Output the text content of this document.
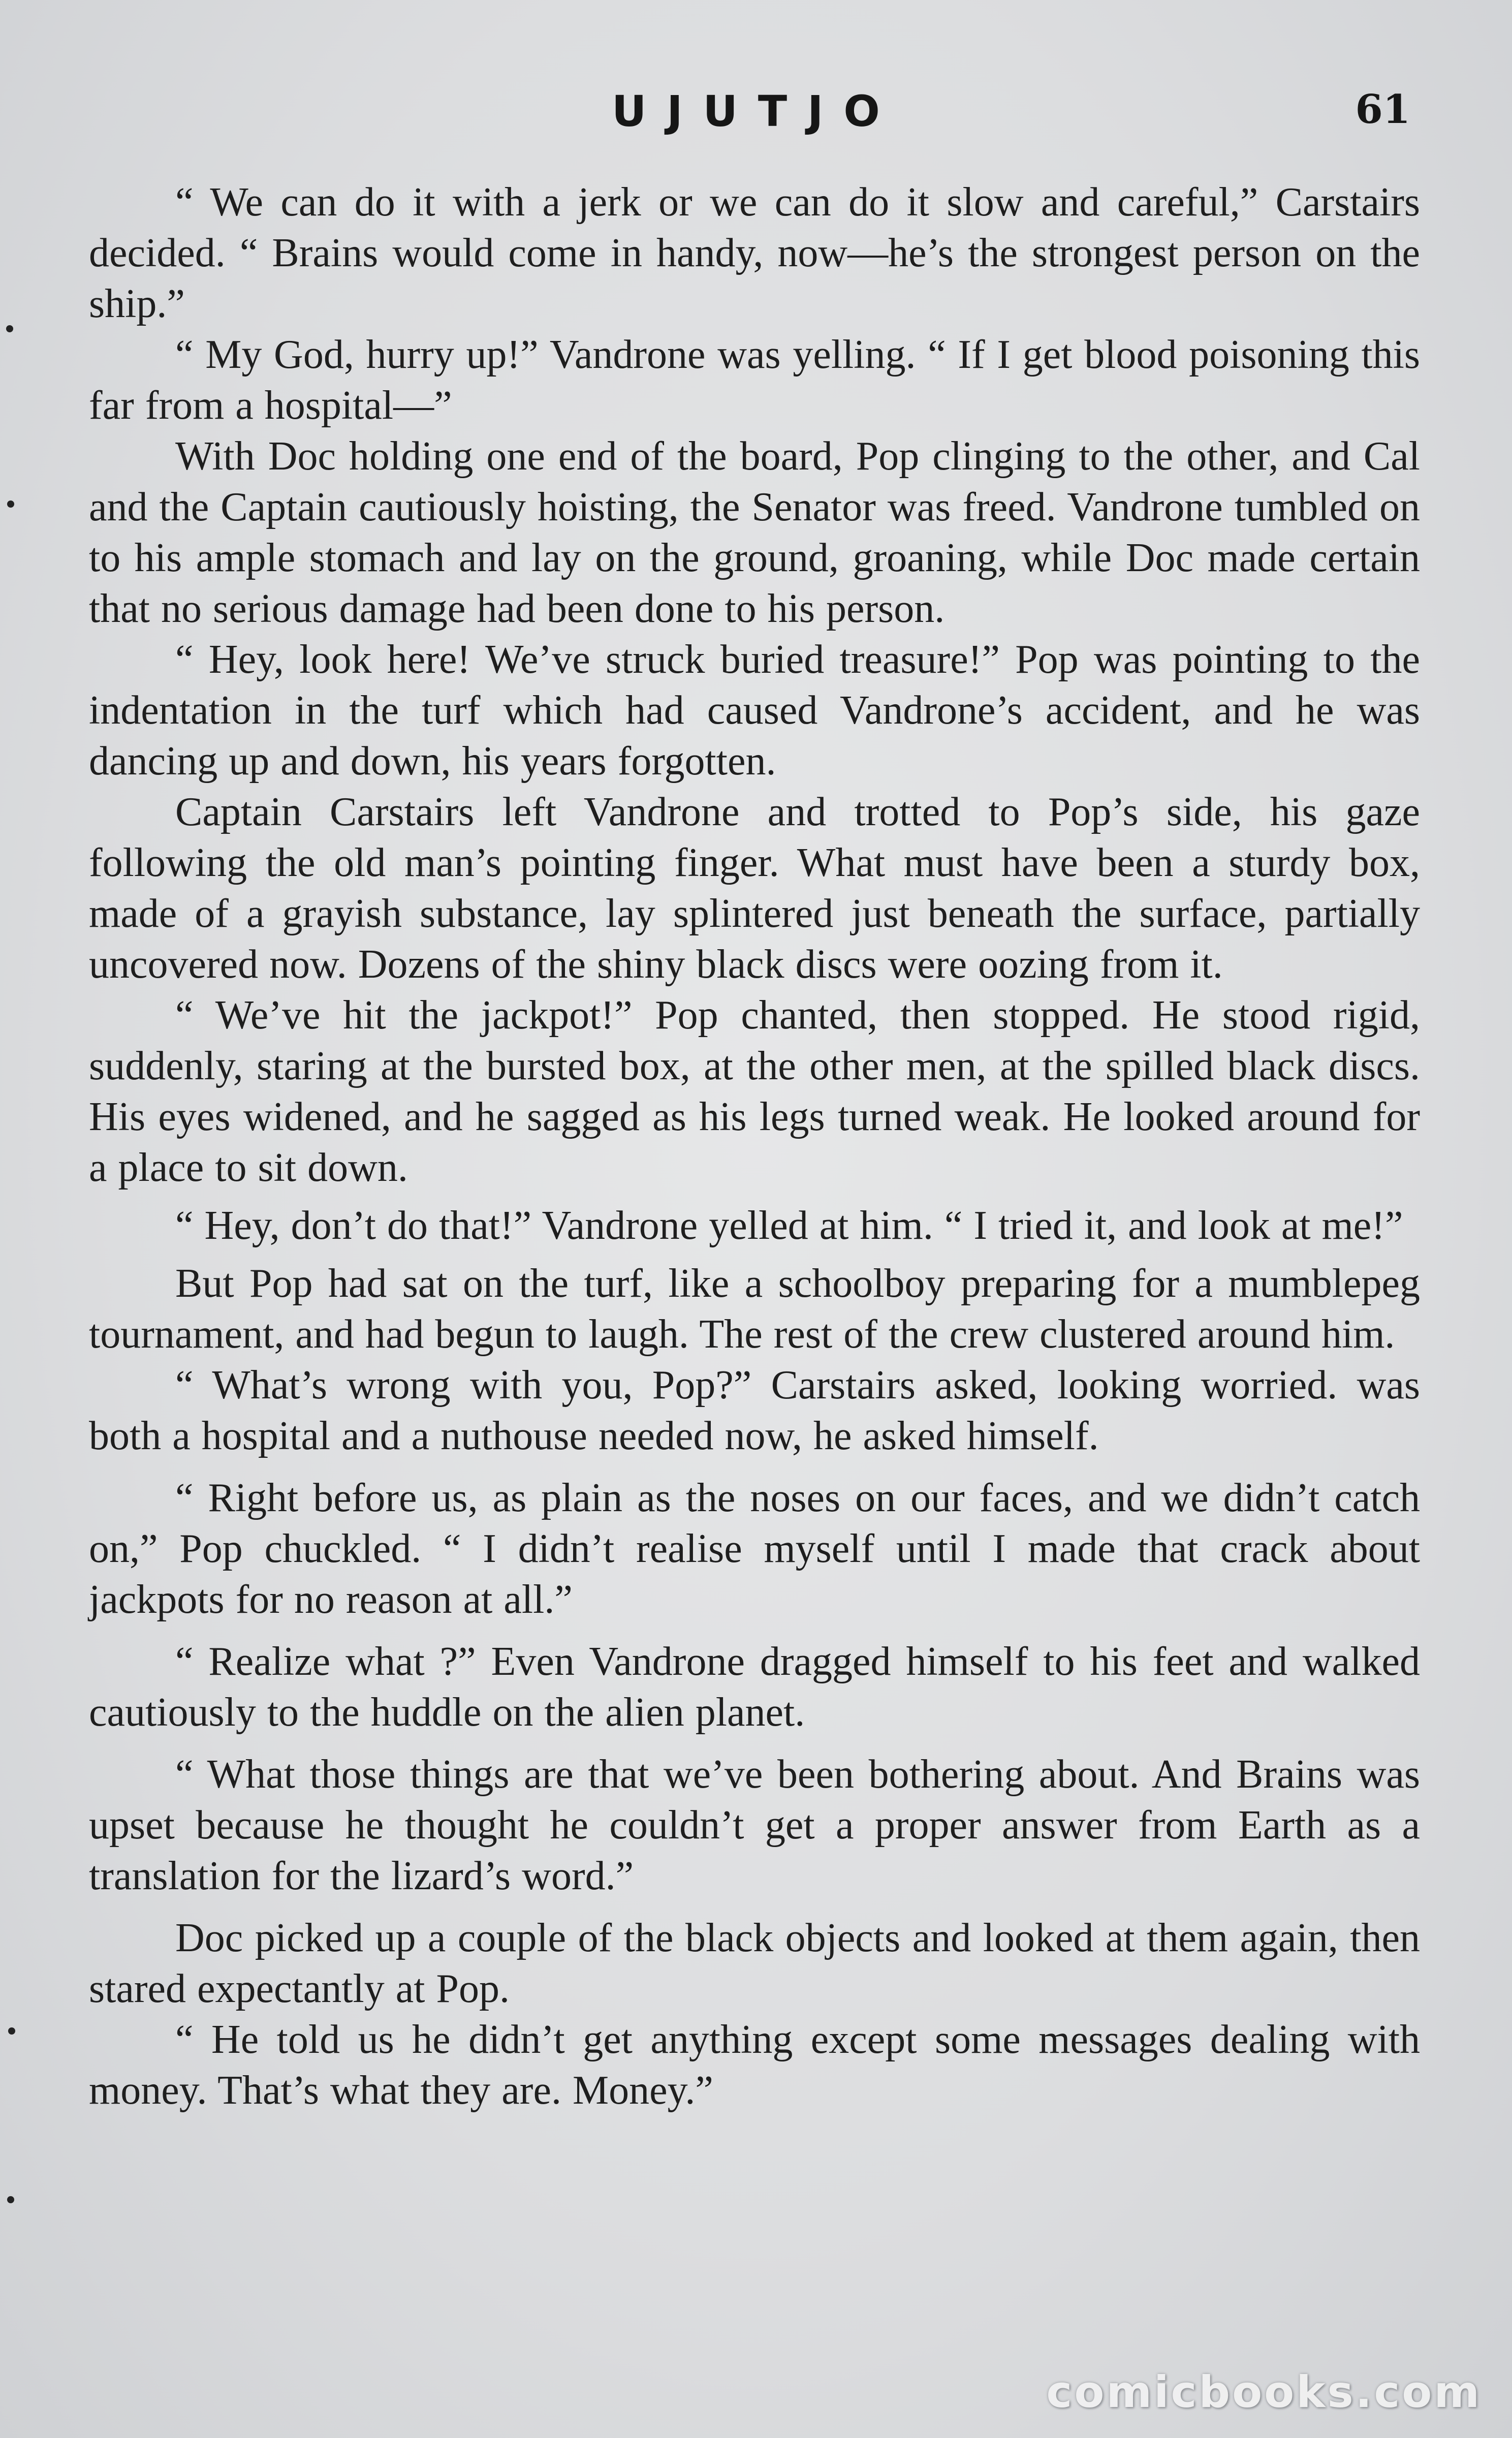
UJUTJO	61

“ We can do it with a jerk or we can do it slow and careful,” Carstairs decided. “ Brains would come in handy, now—he’s the strongest person on the ship.”

“ My God, hurry up!” Vandrone was yelling. “ If I get blood poisoning this far from a hospital—”

With Doc holding one end of the board, Pop clinging to the other, and Cal and the Captain cautiously hoisting, the Senator was freed. Vandrone tumbled on to his ample stomach and lay on the ground, groaning, while Doc made certain that no serious damage had been done to his person.

“ Hey, look here! We’ve struck buried treasure!” Pop was pointing to the indentation in the turf which had caused Vandrone’s accident, and he was dancing up and down, his years forgotten.

Captain Carstairs left Vandrone and trotted to Pop’s side, his gaze following the old man’s pointing finger. What must have been a sturdy box, made of a grayish substance, lay splintered just beneath the surface, partially uncovered now. Dozens of the shiny black discs were oozing from it.

“ We’ve hit the jackpot!” Pop chanted, then stopped. He stood rigid, suddenly, staring at the bursted box, at the other men, at the spilled black discs. His eyes widened, and he sagged as his legs turned weak. He looked around for a place to sit down.

“ Hey, don’t do that!” Vandrone yelled at him. “ I tried it, and look at me!”

But Pop had sat on the turf, like a schoolboy preparing for a mumblepeg tournament, and had begun to laugh. The rest of the crew clustered around him.

“ What’s wrong with you, Pop?” Carstairs asked, looking worried. was both a hospital and a nuthouse needed now, he asked himself.

“ Right before us, as plain as the noses on our faces, and we didn’t catch on,” Pop chuckled. “ I didn’t realise myself until I made that crack about jackpots for no reason at all.”

“ Realize what ?” Even Vandrone dragged himself to his feet and walked cautiously to the huddle on the alien planet.

“ What those things are that we’ve been bothering about. And Brains was upset because he thought he couldn’t get a proper answer from Earth as a translation for the lizard’s word.”

Doc picked up a couple of the black objects and looked at them again, then stared expectantly at Pop.

“ He told us he didn’t get anything except some messages dealing with money. That’s what they are. Money.”

comicbooks.com
